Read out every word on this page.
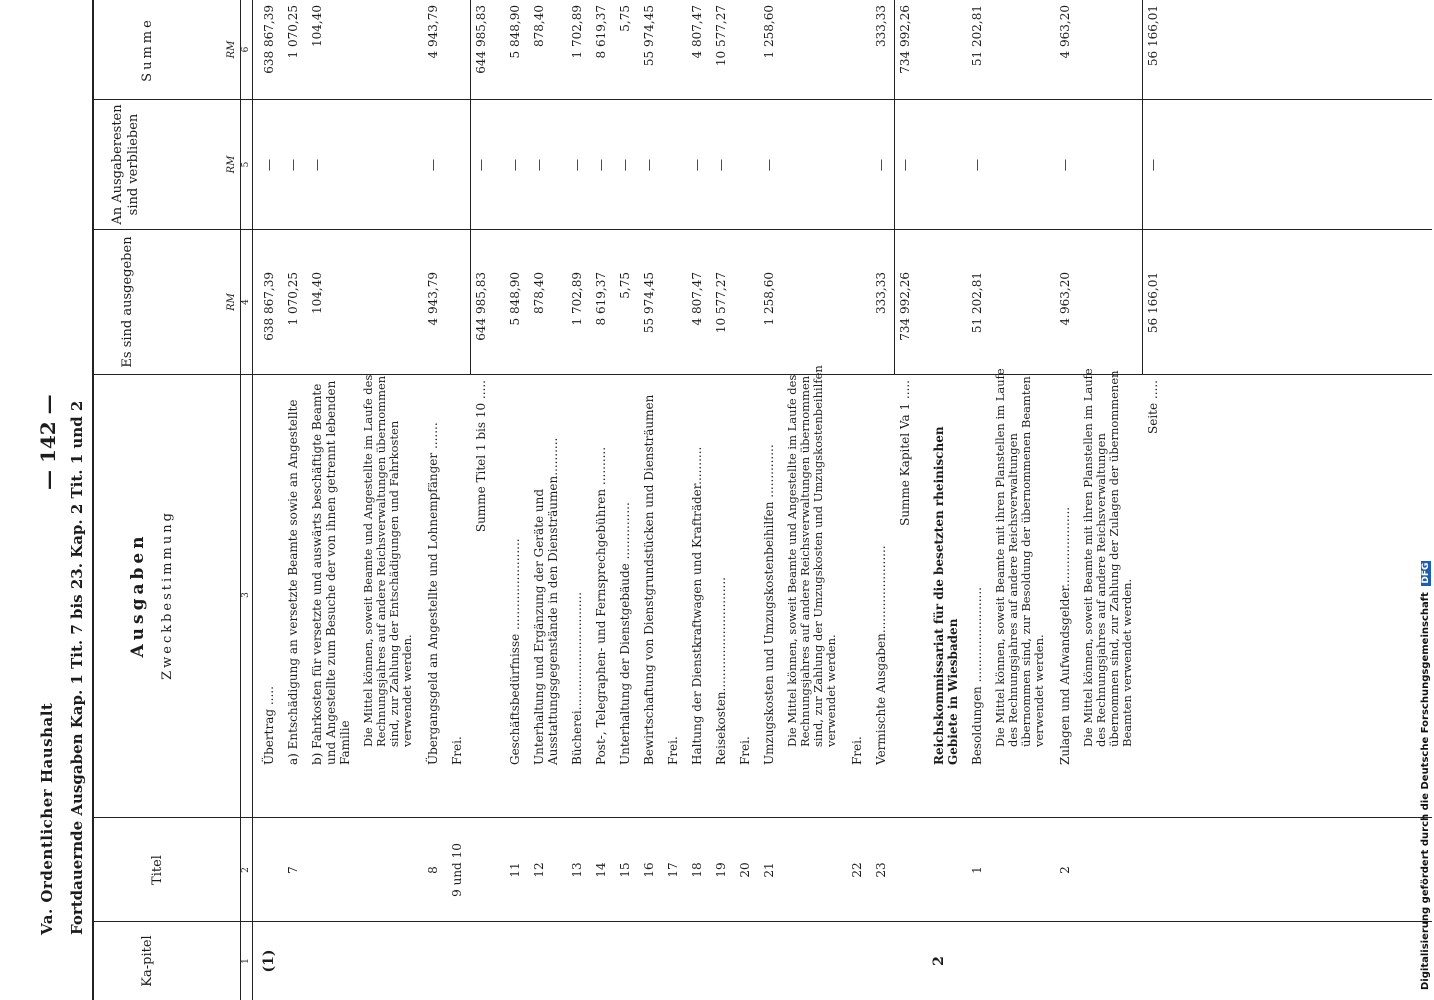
Va. Ordentlicher Haushalt Fortdauernde Ausgaben Kap. 1 Tit. 7 bis 23. Kap. 2 Tit. 1 und 2
— 142 —
Ka-pitel
Titel
Ausgaben Zweckbestimmung
Es sind ausgegeben
An Ausgaberesten sind verblieben
Summe
RM
RM
RM
1
2
3
4
5
6
(1)
Übertrag .....
638 867,39
—
638 867,39
7
a) Entschädigung an versetzte Beamte sowie an Angestellte
1 070,25
—
1 070,25
b) Fahrkosten für versetzte und auswärts beschäftigte Beamte und Angestellte zum Besuche der von ihnen getrennt lebenden Familie
104,40
—
104,40
Die Mittel können, soweit Beamte und Angestellte im Laufe des Rechnungsjahres auf andere Reichsverwaltungen übernommen sind, zur Zahlung der Entschädigungen und Fahrkosten verwendet werden.
8
Übergangsgeld an Angestellte und Lohnempfänger .......
4 943,79
—
4 943,79
9 und 10
Frei.
Summe Titel 1 bis 10 .....
644 985,83
—
644 985,83
11
Geschäftsbedürfnisse ........................
5 848,90
—
5 848,90
12
Unterhaltung und Ergänzung der Geräte und Ausstattungsgegenstände in den Diensträumen..........
878,40
—
878,40
13
Bücherei...............................
1 702,89
—
1 702,89
14
Post-, Telegraphen- und Fernsprechgebühren ..........
8 619,37
—
8 619,37
15
Unterhaltung der Dienstgebäude ...............
5,75
—
5,75
16
Bewirtschaftung von Dienstgrundstücken und Diensträumen
55 974,45
—
55 974,45
17
Frei.
18
Haltung der Dienstkraftwagen und Krafträder..........
4 807,47
—
4 807,47
19
Reisekosten..............................
10 577,27
—
10 577,27
20
Frei.
21
Umzugskosten und Umzugskostenbeihilfen ..............
1 258,60
—
1 258,60
Die Mittel können, soweit Beamte und Angestellte im Laufe des Rechnungsjahres auf andere Reichsverwaltungen übernommen sind, zur Zahlung der Umzugskosten und Umzugskostenbeihilfen verwendet werden.
22
Frei.
23
Vermischte Ausgaben.......................
333,33
—
333,33
Summe Kapitel Va 1 .....
734 992,26
—
734 992,26
2
Reichskommissariat für die besetzten rheinischen Gebiete in Wiesbaden
1
Besoldungen .........................
51 202,81
—
51 202,81
Die Mittel können, soweit Beamte mit ihren Planstellen im Laufe des Rechnungsjahres auf andere Reichsverwaltungen übernommen sind, zur Besoldung der übernommenen Beamten verwendet werden.
2
Zulagen und Aufwandsgelder.....................
4 963,20
—
4 963,20
Die Mittel können, soweit Beamte mit ihren Planstellen im Laufe des Rechnungsjahres auf andere Reichsverwaltungen übernommen sind, zur Zahlung der Zulagen der übernommenen Beamten verwendet werden.
Seite .....
56 166,01
—
56 166,01
Digitalisierung gefördert durch die Deutsche Forschungsgemeinschaft DFG
